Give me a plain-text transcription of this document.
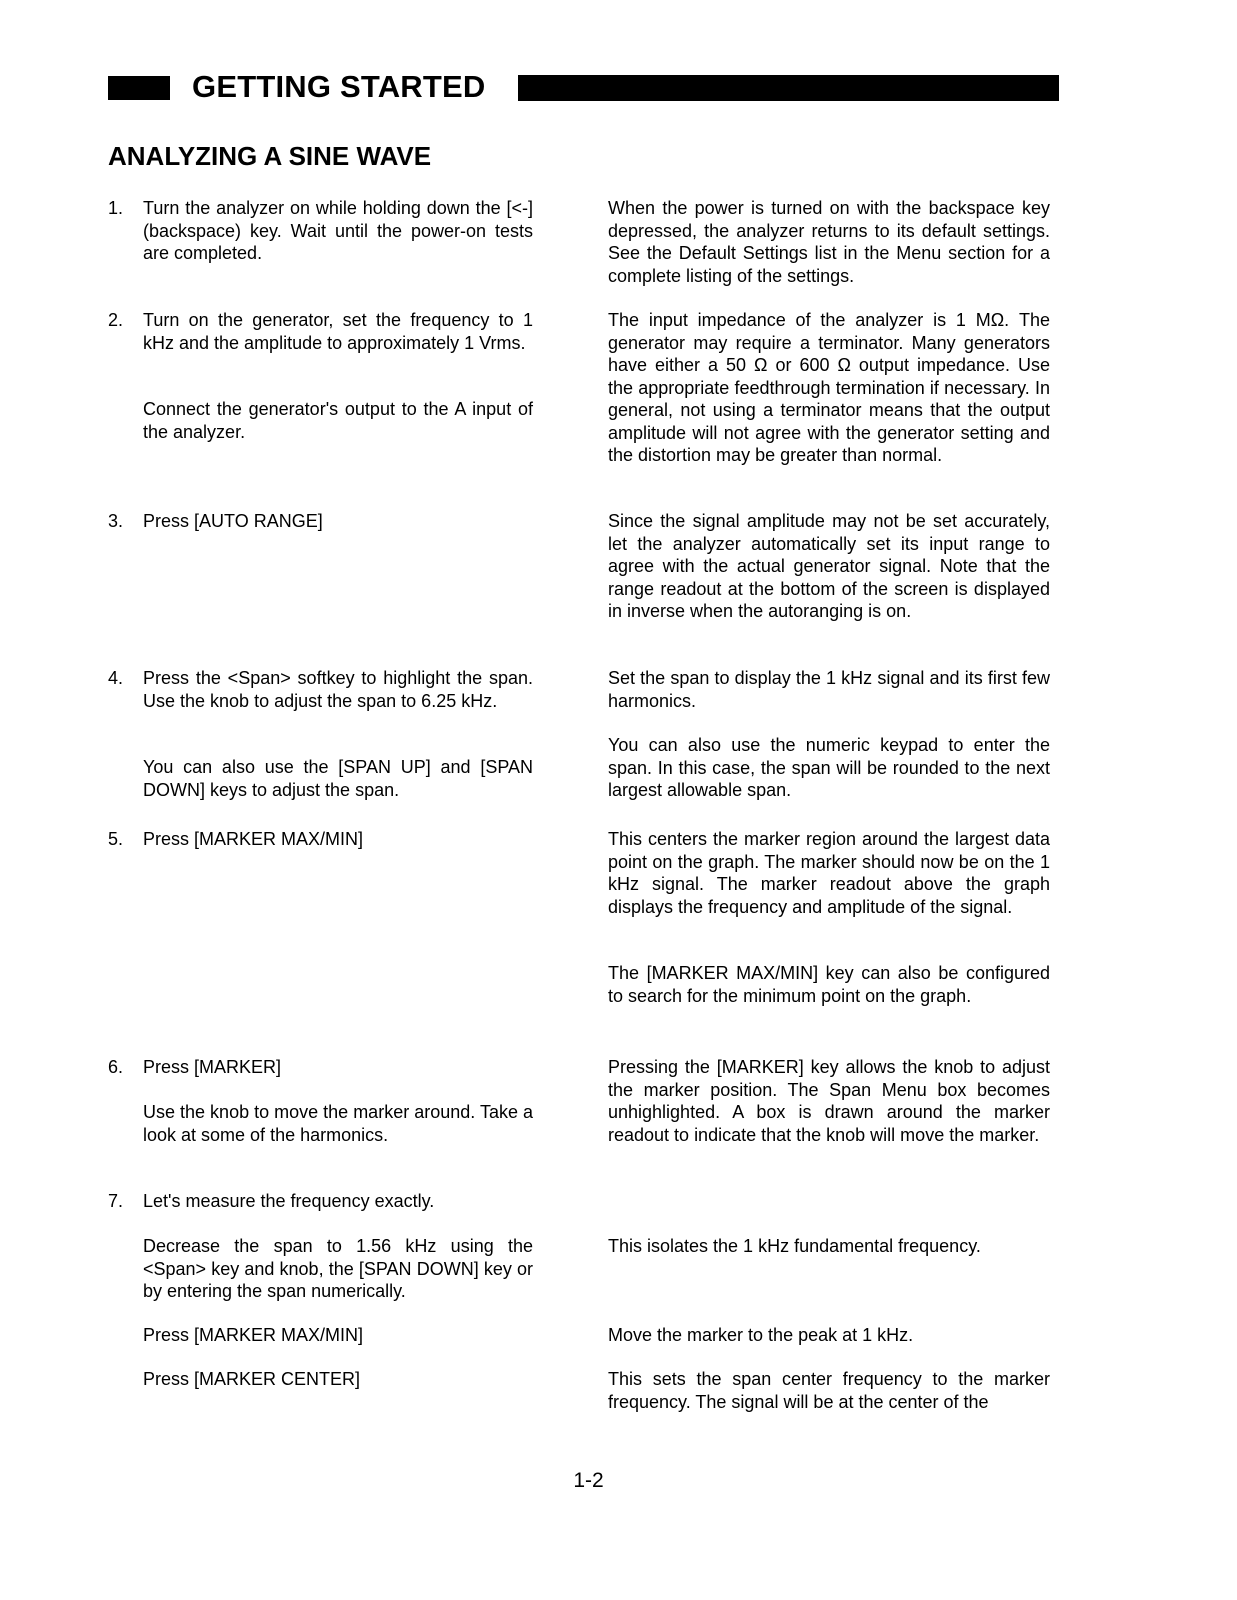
GETTING STARTED
ANALYZING A SINE WAVE
1. Turn the analyzer on while holding down the [<-] (backspace) key. Wait until the power-on tests are completed.
When the power is turned on with the backspace key depressed, the analyzer returns to its default settings. See the Default Settings list in the Menu section for a complete listing of the settings.
2. Turn on the generator, set the frequency to 1 kHz and the amplitude to approximately 1 Vrms.
Connect the generator's output to the A input of the analyzer.
The input impedance of the analyzer is 1 MΩ. The generator may require a terminator. Many generators have either a 50 Ω or 600 Ω output impedance. Use the appropriate feedthrough termination if necessary. In general, not using a terminator means that the output amplitude will not agree with the generator setting and the distortion may be greater than normal.
3. Press [AUTO RANGE]	Since the signal amplitude may not be set accurately, let the analyzer automatically set its input range to agree with the actual generator signal. Note that the range readout at the bottom of the screen is displayed in inverse when the autoranging is on.
4. Press the <Span> softkey to highlight the span. Use the knob to adjust the span to 6.25 kHz.
You can also use the [SPAN UP] and [SPAN DOWN] keys to adjust the span.
Set the span to display the 1 kHz signal and its first few harmonics.
You can also use the numeric keypad to enter the span. In this case, the span will be rounded to the next largest allowable span.
5. Press [MARKER MAX/MIN]	This centers the marker region around the largest data point on the graph. The marker should now be on the 1 kHz signal. The marker readout above the graph displays the frequency and amplitude of the signal.
The [MARKER MAX/MIN] key can also be configured to search for the minimum point on the graph.
6. Press [MARKER]
Use the knob to move the marker around. Take a look at some of the harmonics.
Pressing the [MARKER] key allows the knob to adjust the marker position. The Span Menu box becomes unhighlighted. A box is drawn around the marker readout to indicate that the knob will move the marker.
7. Let's measure the frequency exactly.
Decrease the span to 1.56 kHz using the <Span> key and knob, the [SPAN DOWN] key or by entering the span numerically.
Press [MARKER MAX/MIN]
Press [MARKER CENTER]
This isolates the 1 kHz fundamental frequency.
Move the marker to the peak at 1 kHz.
This sets the span center frequency to the marker frequency. The signal will be at the center of the
1-2
